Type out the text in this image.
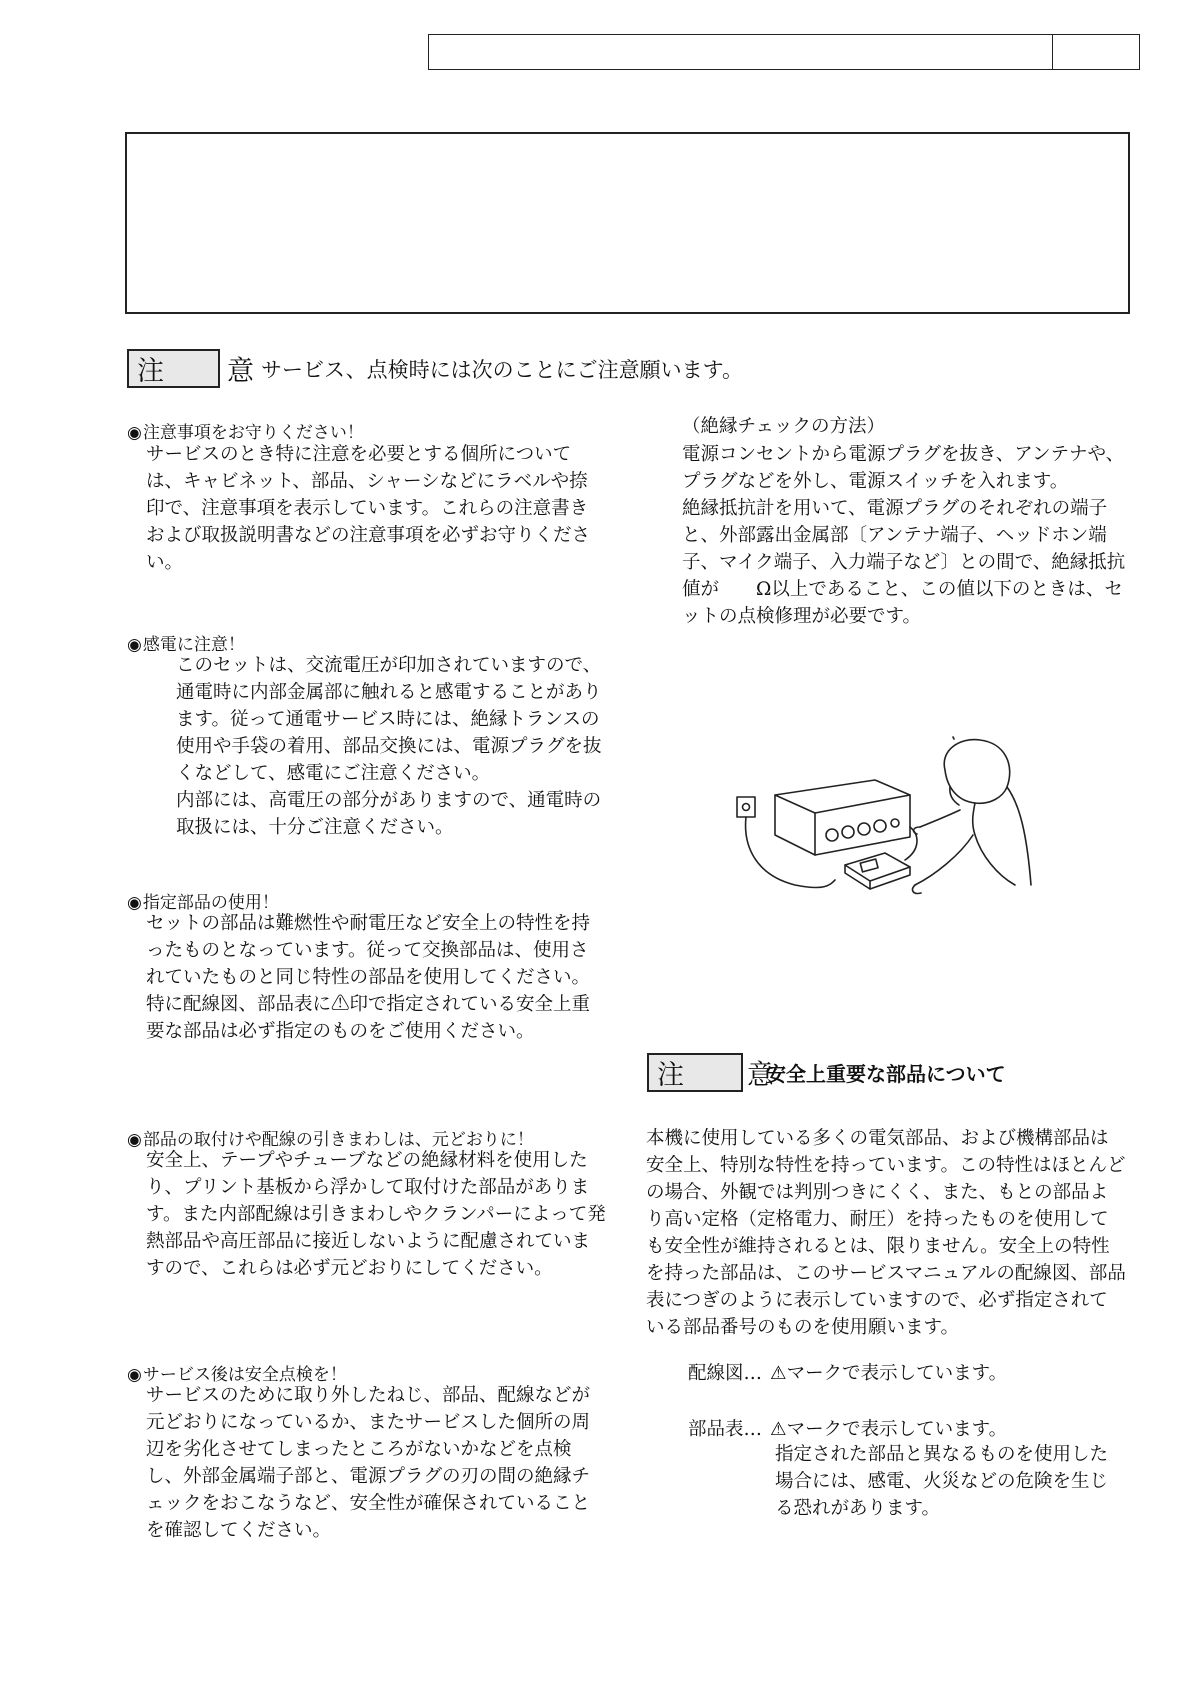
注　意
サービス、点検時には次のことにご注意願います。
◉注意事項をお守りください！

サービスのとき特に注意を必要とする個所については、キャビネット、部品、シャーシなどにラベルや捺印で、注意事項を表示しています。これらの注意書きおよび取扱説明書などの注意事項を必ずお守りください。

◉感電に注意！

このセットは、交流電圧が印加されていますので、通電時に内部金属部に触れると感電することがあります。従って通電サービス時には、絶縁トランスの使用や手袋の着用、部品交換には、電源プラグを抜くなどして、感電にご注意ください。

内部には、高電圧の部分がありますので、通電時の取扱には、十分ご注意ください。

◉指定部品の使用！

セットの部品は難燃性や耐電圧など安全上の特性を持ったものとなっています。従って交換部品は、使用されていたものと同じ特性の部品を使用してください。特に配線図、部品表に⚠印で指定されている安全上重要な部品は必ず指定のものをご使用ください。

◉部品の取付けや配線の引きまわしは、元どおりに！

安全上、テープやチューブなどの絶縁材料を使用したり、プリント基板から浮かして取付けた部品があります。また内部配線は引きまわしやクランパーによって発熱部品や高圧部品に接近しないように配慮されていますので、これらは必ず元どおりにしてください。

◉サービス後は安全点検を！

サービスのために取り外したねじ、部品、配線などが元どおりになっているか、またサービスした個所の周辺を劣化させてしまったところがないかなどを点検し、外部金属端子部と、電源プラグの刃の間の絶縁チェックをおこなうなど、安全性が確保されていることを確認してください。

（絶縁チェックの方法）

電源コンセントから電源プラグを抜き、アンテナや、プラグなどを外し、電源スイッチを入れます。　　　絶縁抵抗計を用いて、電源プラグのそれぞれの端子と、外部露出金属部〔アンテナ端子、ヘッドホン端子、マイク端子、入力端子など〕との間で、絶縁抵抗値が　　Ω以上であること、この値以下のときは、セットの点検修理が必要です。

注　意
安全上重要な部品について

本機に使用している多くの電気部品、および機構部品は安全上、特別な特性を持っています。この特性はほとんどの場合、外観では判別つきにくく、また、もとの部品より高い定格（定格電力、耐圧）を持ったものを使用しても安全性が維持されるとは、限りません。安全上の特性を持った部品は、このサービスマニュアルの配線図、部品表につぎのように表示していますので、必ず指定されている部品番号のものを使用願います。

配線図… ⚠マークで表示しています。
部品表… ⚠マークで表示しています。

指定された部品と異なるものを使用した場合には、感電、火災などの危険を生じる恐れがあります。
